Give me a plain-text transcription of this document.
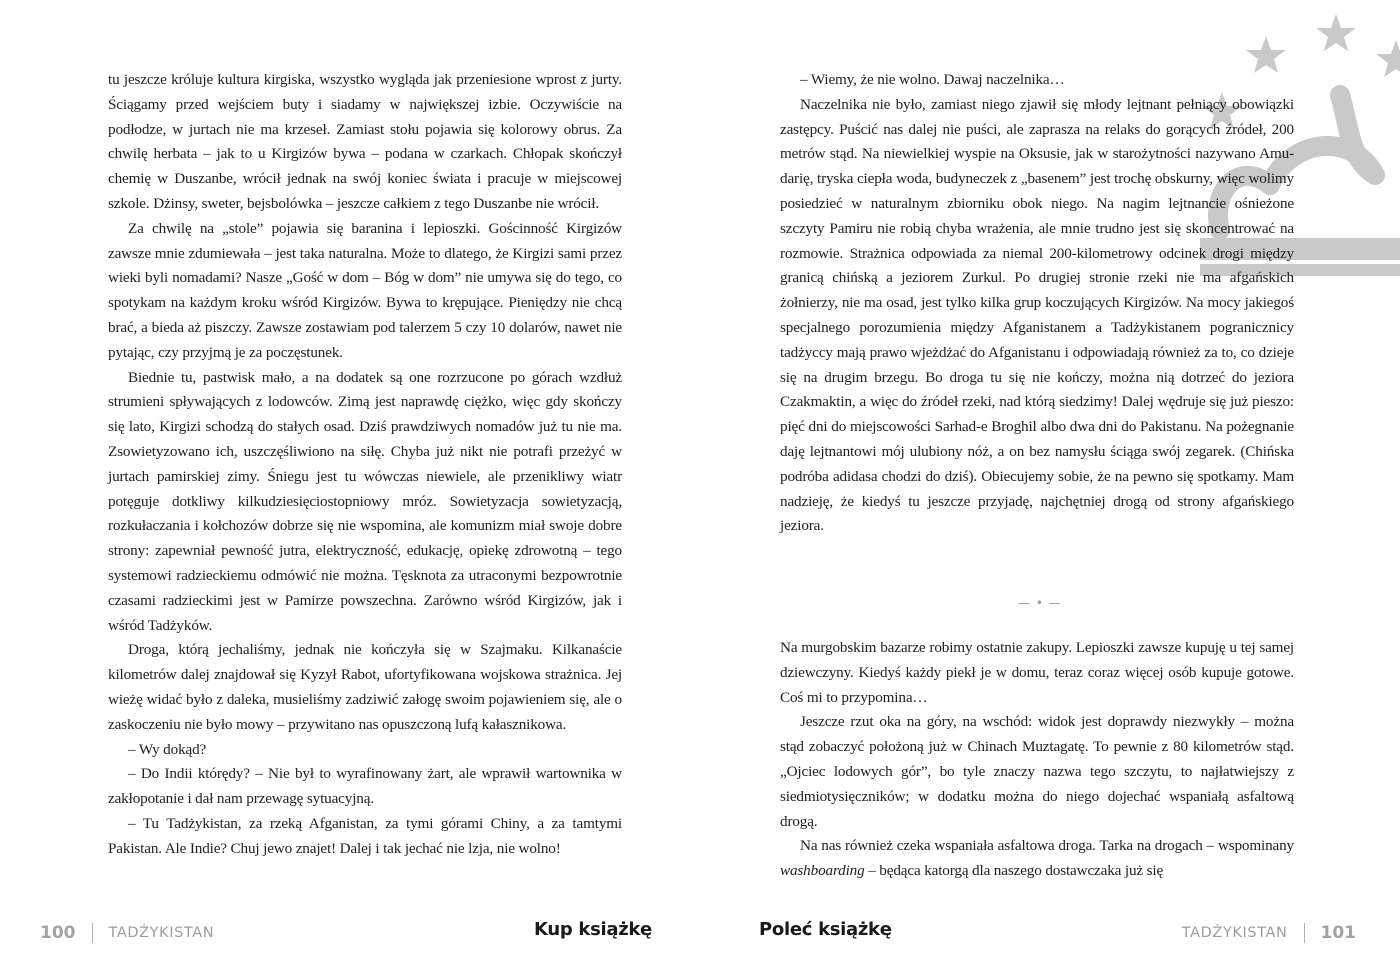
tu jeszcze króluje kultura kirgiska, wszystko wygląda jak przeniesione wprost z jurty. Ściągamy przed wejściem buty i siadamy w największej izbie. Oczywiście na podłodze, w jurtach nie ma krzeseł. Zamiast stołu pojawia się kolorowy obrus. Za chwilę herbata – jak to u Kirgizów bywa – podana w czarkach. Chłopak skończył chemię w Duszanbe, wrócił jednak na swój koniec świata i pracuje w miejscowej szkole. Dżinsy, sweter, bejsbolówka – jeszcze całkiem z tego Duszanbe nie wrócił.

Za chwilę na „stole” pojawia się baranina i lepioszki. Gościnność Kirgizów zawsze mnie zdumiewała – jest taka naturalna. Może to dlatego, że Kirgizi sami przez wieki byli nomadami? Nasze „Gość w dom – Bóg w dom” nie umywa się do tego, co spotykam na każdym kroku wśród Kirgizów. Bywa to krępujące. Pieniędzy nie chcą brać, a bieda aż piszczy. Zawsze zostawiam pod talerzem 5 czy 10 dolarów, nawet nie pytając, czy przyjmą je za poczęstunek.

Biednie tu, pastwisk mało, a na dodatek są one rozrzucone po górach wzdłuż strumieni spływających z lodowców. Zimą jest naprawdę ciężko, więc gdy skończy się lato, Kirgizi schodzą do stałych osad. Dziś prawdziwych nomadów już tu nie ma. Zsowietyzowano ich, uszczęśliwiono na siłę. Chyba już nikt nie potrafi przeżyć w jurtach pamirskiej zimy. Śniegu jest tu wówczas niewiele, ale przenikliwy wiatr potęguje dotkliwy kilkudziesięciostopniowy mróz. Sowietyzacja sowietyzacją, rozkułaczania i kołchozów dobrze się nie wspomina, ale komunizm miał swoje dobre strony: zapewniał pewność jutra, elektryczność, edukację, opiekę zdrowotną – tego systemowi radzieckiemu odmówić nie można. Tęsknota za utraconymi bezpowrotnie czasami radzieckimi jest w Pamirze powszechna. Zarówno wśród Kirgizów, jak i wśród Tadżyków.

Droga, którą jechaliśmy, jednak nie kończyła się w Szajmaku. Kilkanaście kilometrów dalej znajdował się Kyzył Rabot, ufortyfikowana wojskowa strażnica. Jej wieżę widać było z daleka, musieliśmy zadziwić załogę swoim pojawieniem się, ale o zaskoczeniu nie było mowy – przywitano nas opuszczoną lufą kałasznikowa.

– Wy dokąd?

– Do Indii którędy? – Nie był to wyrafinowany żart, ale wprawił wartownika w zakłopotanie i dał nam przewagę sytuacyjną.

– Tu Tadżykistan, za rzeką Afganistan, za tymi górami Chiny, a za tamtymi Pakistan. Ale Indie? Chuj jewo znajet! Dalej i tak jechać nie lzja, nie wolno!

– Wiemy, że nie wolno. Dawaj naczelnika…

Naczelnika nie było, zamiast niego zjawił się młody lejtnant pełniący obowiązki zastępcy. Puścić nas dalej nie puści, ale zaprasza na relaks do gorących źródeł, 200 metrów stąd. Na niewielkiej wyspie na Oksusie, jak w starożytności nazywano Amu-darię, tryska ciepła woda, budyneczek z „basenem” jest trochę obskurny, więc wolimy posiedzieć w naturalnym zbiorniku obok niego. Na nagim lejtnancie ośnieżone szczyty Pamiru nie robią chyba wrażenia, ale mnie trudno jest się skoncentrować na rozmowie. Strażnica odpowiada za niemal 200-kilometrowy odcinek drogi między granicą chińską a jeziorem Zurkul. Po drugiej stronie rzeki nie ma afgańskich żołnierzy, nie ma osad, jest tylko kilka grup koczujących Kirgizów. Na mocy jakiegoś specjalnego porozumienia między Afganistanem a Tadżykistanem pogranicznicy tadżyccy mają prawo wjeżdżać do Afganistanu i odpowiadają również za to, co dzieje się na drugim brzegu. Bo droga tu się nie kończy, można nią dotrzeć do jeziora Czakmaktin, a więc do źródeł rzeki, nad którą siedzimy! Dalej wędruje się już pieszo: pięć dni do miejscowości Sarhad-e Broghil albo dwa dni do Pakistanu. Na pożegnanie daję lejtnantowi mój ulubiony nóż, a on bez namysłu ściąga swój zegarek. (Chińska podróba adidasa chodzi do dziś). Obiecujemy sobie, że na pewno się spotkamy. Mam nadzieję, że kiedyś tu jeszcze przyjadę, najchętniej drogą od strony afgańskiego jeziora.

— • —

Na murgobskim bazarze robimy ostatnie zakupy. Lepioszki zawsze kupuję u tej samej dziewczyny. Kiedyś każdy piekł je w domu, teraz coraz więcej osób kupuje gotowe. Coś mi to przypomina…

Jeszcze rzut oka na góry, na wschód: widok jest doprawdy niezwykły – można stąd zobaczyć położoną już w Chinach Muztagatę. To pewnie z 80 kilometrów stąd. „Ojciec lodowych gór”, bo tyle znaczy nazwa tego szczytu, to najłatwiejszy z siedmiotysięczników; w dodatku można do niego dojechać wspaniałą asfaltową drogą.

Na nas również czeka wspaniała asfaltowa droga. Tarka na drogach – wspominany washboarding – będąca katorgą dla naszego dostawczaka już się

100 TADŻYKISTAN	Kup książkę	Poleć książkę	TADŻYKISTAN 101
